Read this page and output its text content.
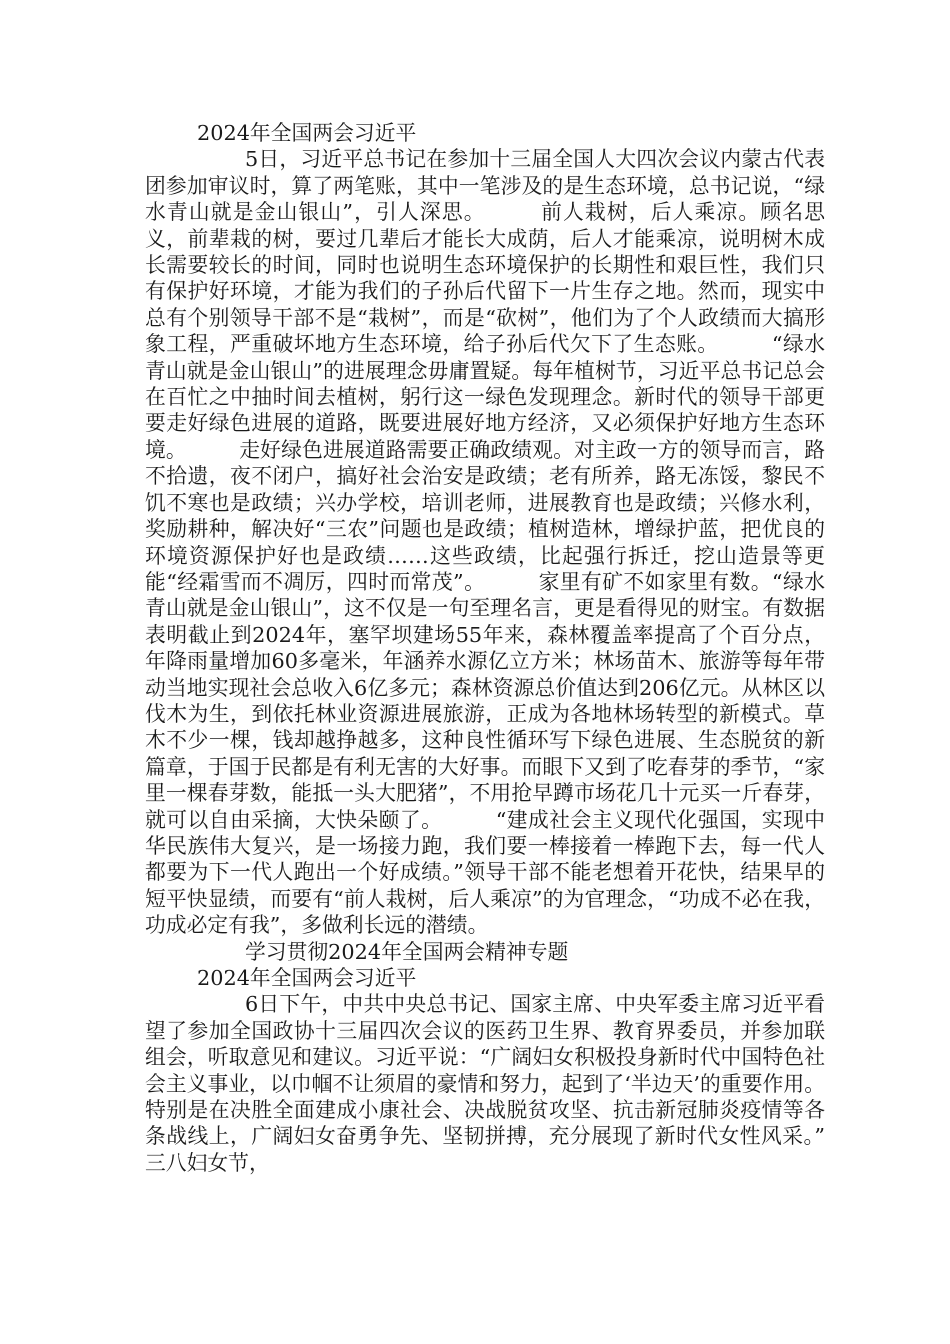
2024年全国两会习近平

5日，习近平总书记在参加十三届全国人大四次会议内蒙古代表团参加审议时，算了两笔账，其中一笔涉及的是生态环境，总书记说，“绿水青山就是金山银山”，引人深思。　　　前人栽树，后人乘凉。顾名思义，前辈栽的树，要过几辈后才能长大成荫，后人才能乘凉，说明树木成长需要较长的时间，同时也说明生态环境保护的长期性和艰巨性，我们只有保护好环境，才能为我们的子孙后代留下一片生存之地。然而，现实中总有个别领导干部不是“栽树”，而是“砍树”，他们为了个人政绩而大搞形象工程，严重破坏地方生态环境，给子孙后代欠下了生态账。　　　“绿水青山就是金山银山”的进展理念毋庸置疑。每年植树节，习近平总书记总会在百忙之中抽时间去植树，躬行这一绿色发现理念。新时代的领导干部更要走好绿色进展的道路，既要进展好地方经济，又必须保护好地方生态环境。　　　走好绿色进展道路需要正确政绩观。对主政一方的领导而言，路不拾遗，夜不闭户，搞好社会治安是政绩；老有所养，路无冻馁，黎民不饥不寒也是政绩；兴办学校，培训老师，进展教育也是政绩；兴修水利，奖励耕种，解决好“三农”问题也是政绩；植树造林，增绿护蓝，把优良的环境资源保护好也是政绩……这些政绩，比起强行拆迁，挖山造景等更能“经霜雪而不凋厉，四时而常茂”。　　　家里有矿不如家里有数。“绿水青山就是金山银山”，这不仅是一句至理名言，更是看得见的财宝。有数据表明截止到2024年，塞罕坝建场55年来，森林覆盖率提高了个百分点，年降雨量增加60多毫米，年涵养水源亿立方米；林场苗木、旅游等每年带动当地实现社会总收入6亿多元；森林资源总价值达到206亿元。从林区以伐木为生，到依托林业资源进展旅游，正成为各地林场转型的新模式。草木不少一棵，钱却越挣越多，这种良性循环写下绿色进展、生态脱贫的新篇章，于国于民都是有利无害的大好事。而眼下又到了吃春芽的季节，“家里一棵春芽数，能抵一头大肥猪”，不用抢早蹲市场花几十元买一斤春芽，就可以自由采摘，大快朵颐了。　　　“建成社会主义现代化强国，实现中华民族伟大复兴，是一场接力跑，我们要一棒接着一棒跑下去，每一代人都要为下一代人跑出一个好成绩。”领导干部不能老想着开花快，结果早的短平快显绩，而要有“前人栽树，后人乘凉”的为官理念，“功成不必在我，功成必定有我”，多做利长远的潜绩。

学习贯彻2024年全国两会精神专题

2024年全国两会习近平

6日下午，中共中央总书记、国家主席、中央军委主席习近平看望了参加全国政协十三届四次会议的医药卫生界、教育界委员，并参加联组会，听取意见和建议。习近平说：“广阔妇女积极投身新时代中国特色社会主义事业，以巾帼不让须眉的豪情和努力，起到了‘半边天’的重要作用。特别是在决胜全面建成小康社会、决战脱贫攻坚、抗击新冠肺炎疫情等各条战线上，广阔妇女奋勇争先、坚韧拼搏，充分展现了新时代女性风采。”　　　三八妇女节，
